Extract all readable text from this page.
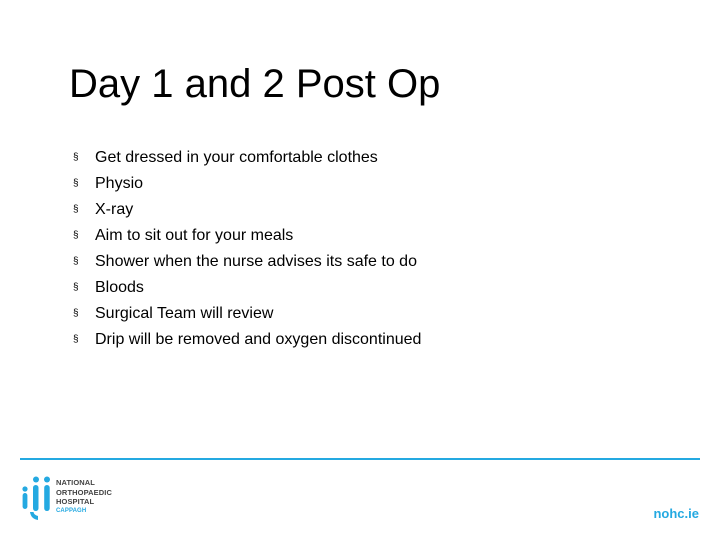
Day 1 and 2 Post Op
§	Get dressed in your comfortable clothes
§	Physio
§	X-ray
§	Aim to sit out for your meals
§	Shower when the nurse advises its safe to do
§	Bloods
§	Surgical Team will review
§	Drip will be removed and oxygen discontinued
NATIONAL
ORTHOPAEDIC
HOSPITAL
CAPPAGH	nohc.ie
